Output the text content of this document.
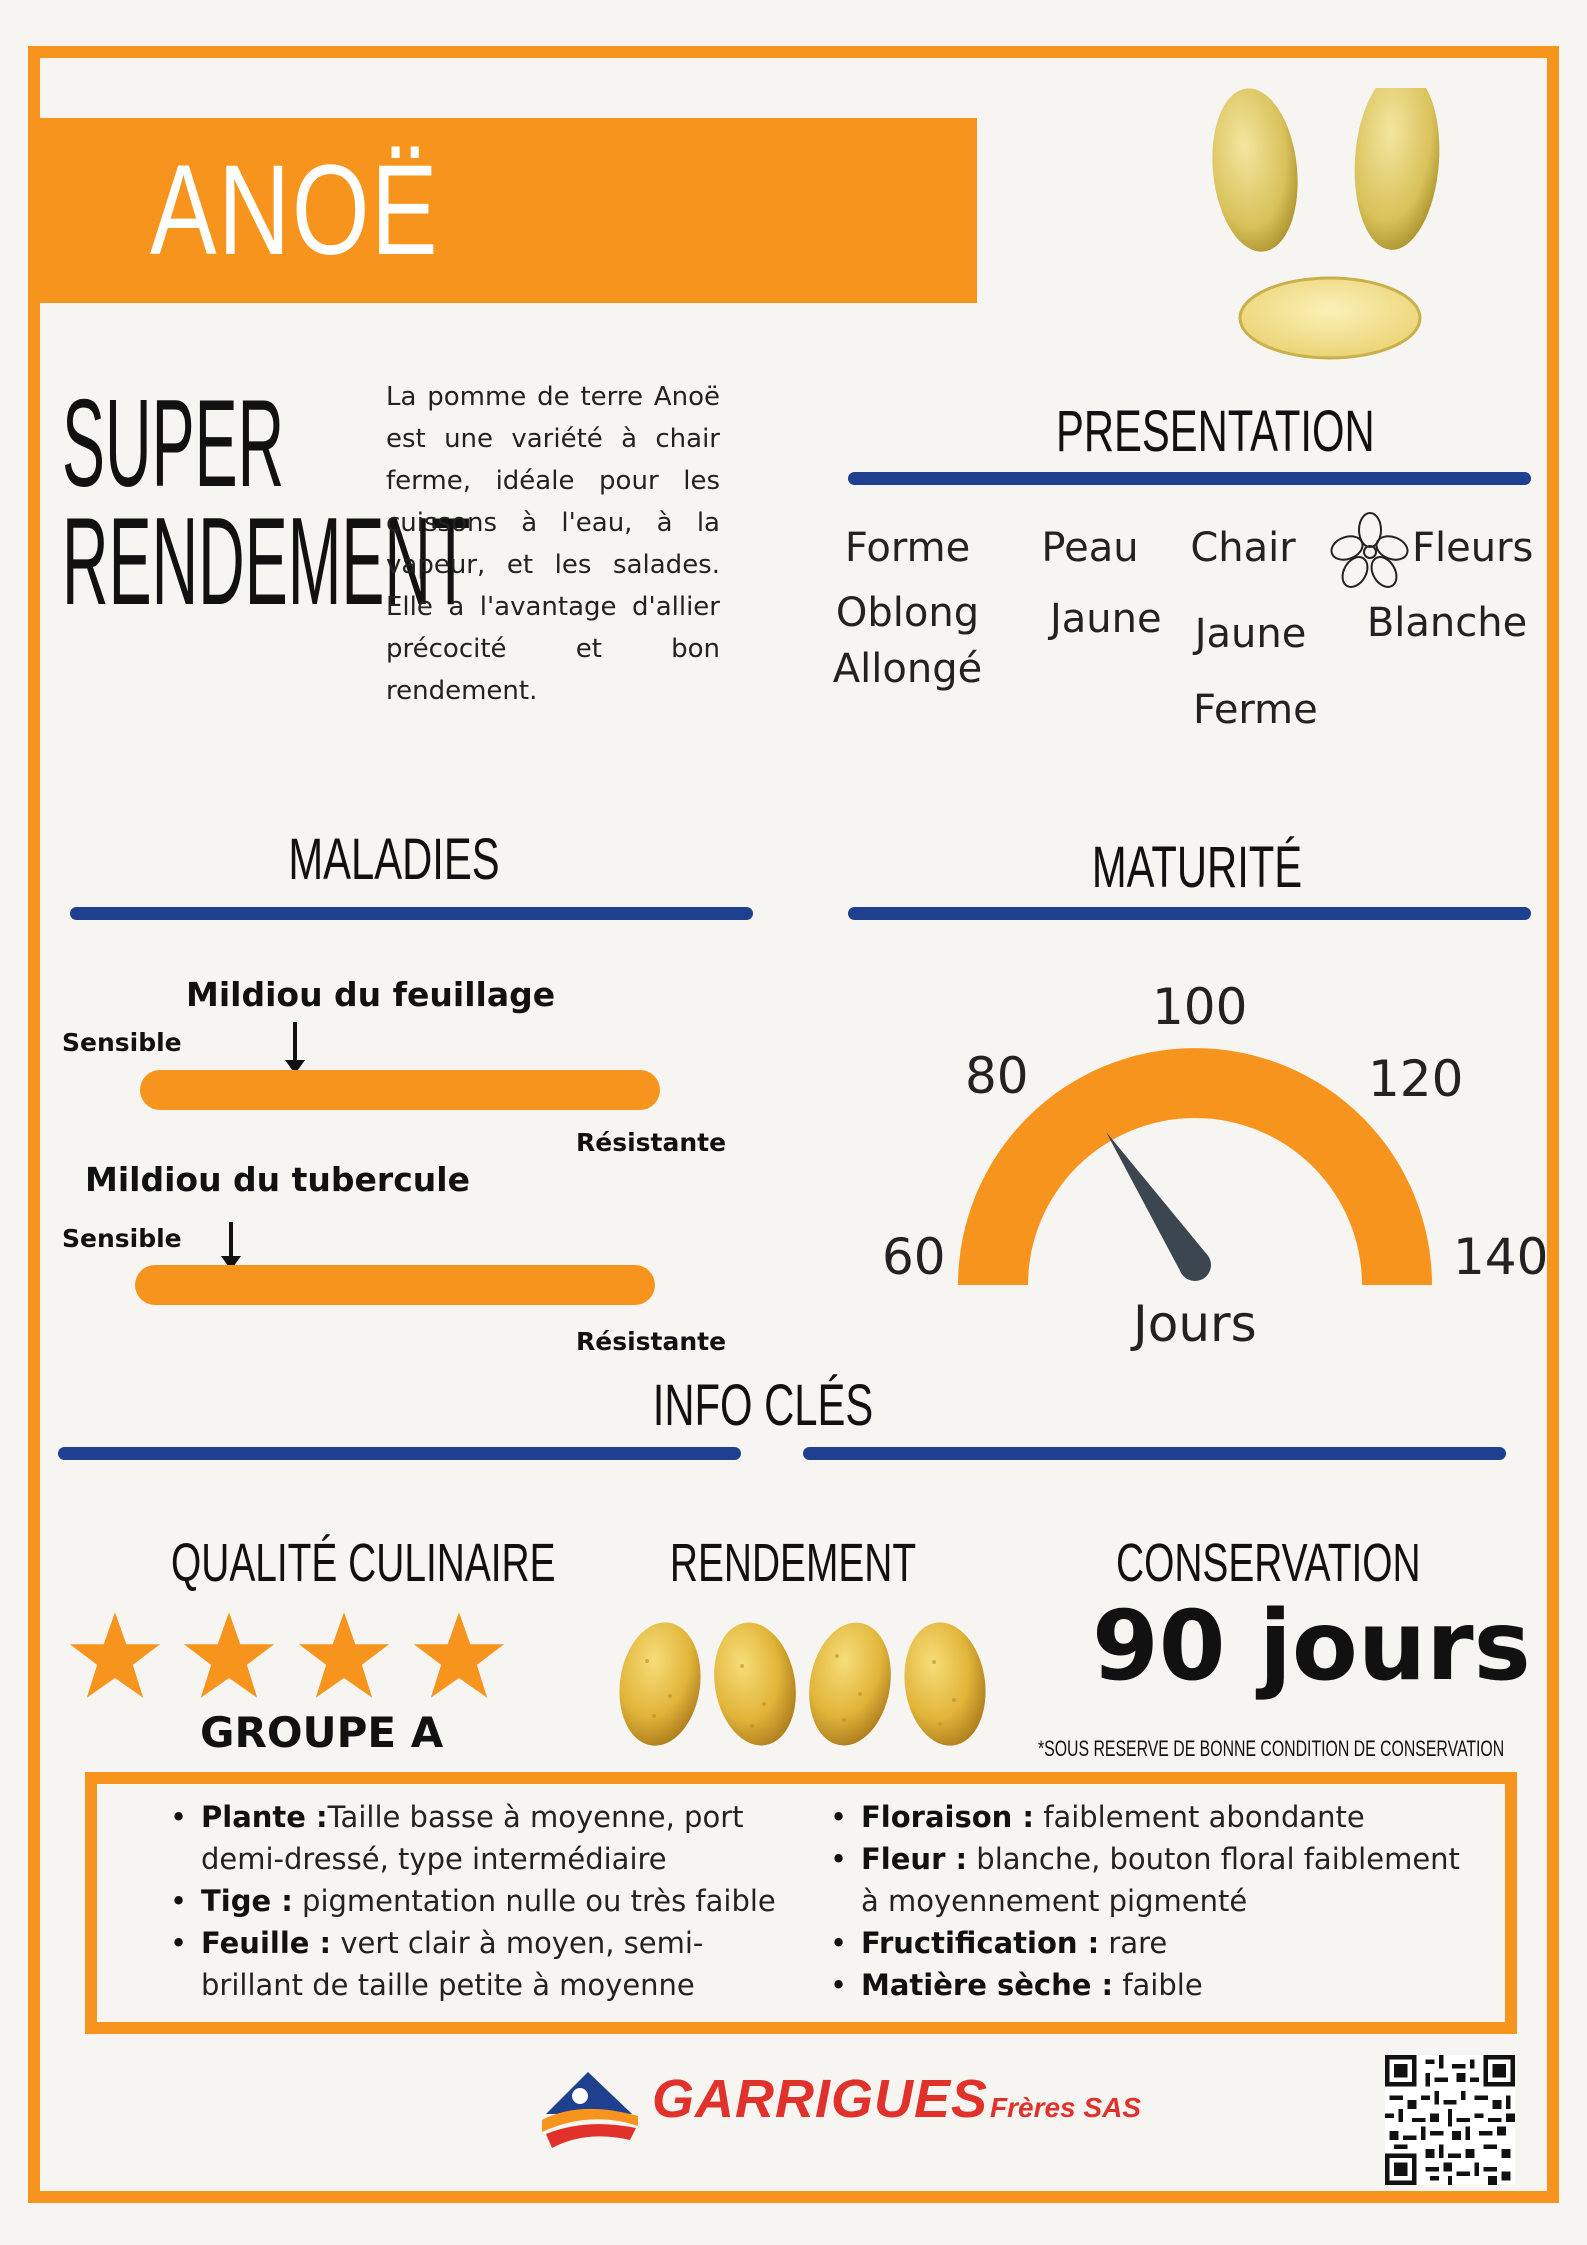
ANOË
SUPER
RENDEMENT
La pomme de terre Anoë est une variété à chair ferme, idéale pour les cuissons à l'eau, à la vapeur, et les salades. Elle a l'avantage d'allier précocité et bon rendement.
PRESENTATION
Forme
Oblong Allongé
Peau
Jaune
Chair
Jaune Ferme
Fleurs
Blanche
MALADIES
Mildiou du feuillage
Sensible
Résistante
Mildiou du tubercule
Sensible
Résistante
MATURITÉ
60
80
100
120
140
Jours
INFO CLÉS
QUALITÉ CULINAIRE	RENDEMENT	CONSERVATION
GROUPE A
90 jours
*SOUS RESERVE DE BONNE CONDITION DE CONSERVATION
• Plante :Taille basse à moyenne, port demi-dressé, type intermédiaire
• Tige : pigmentation nulle ou très faible
• Feuille : vert clair à moyen, semi-brillant de taille petite à moyenne
• Floraison : faiblement abondante
• Fleur : blanche, bouton floral faiblement à moyennement pigmenté
• Fructification : rare
• Matière sèche : faible
GARRIGUES Frères SAS
